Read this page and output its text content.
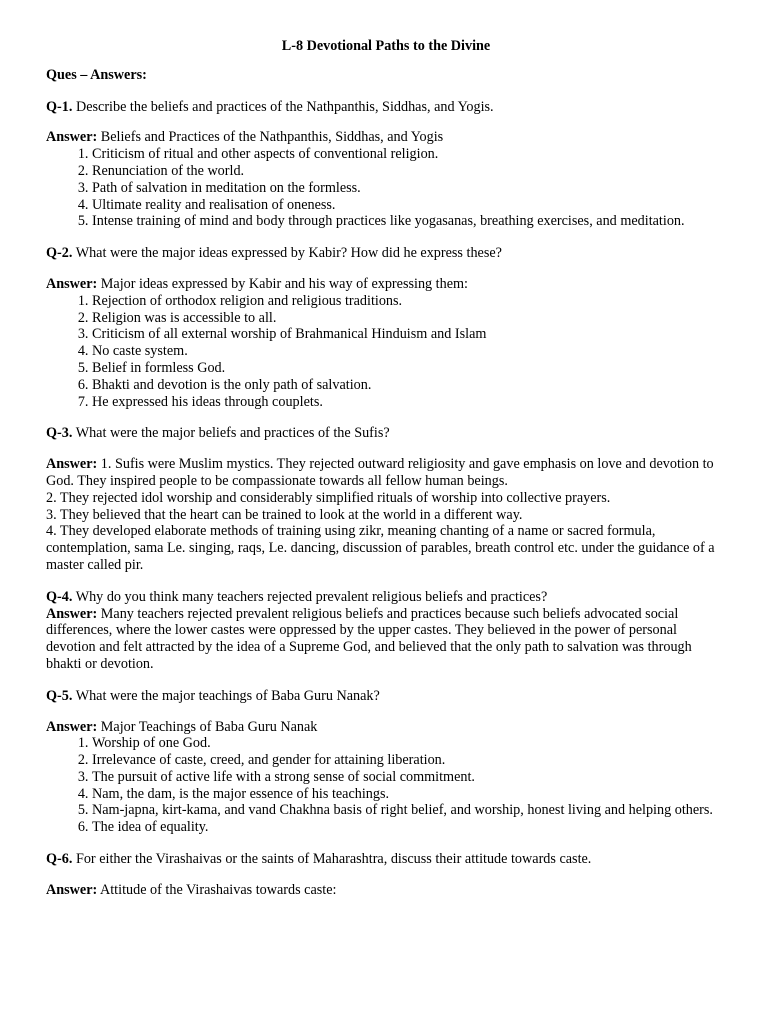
L-8 Devotional Paths to the Divine
Ques – Answers:
Q-1. Describe the beliefs and practices of the Nathpanthis, Siddhas, and Yogis.
Answer: Beliefs and Practices of the Nathpanthis, Siddhas, and Yogis
1. Criticism of ritual and other aspects of conventional religion.
2. Renunciation of the world.
3. Path of salvation in meditation on the formless.
4. Ultimate reality and realisation of oneness.
5. Intense training of mind and body through practices like yogasanas, breathing exercises, and meditation.
Q-2. What were the major ideas expressed by Kabir? How did he express these?
Answer: Major ideas expressed by Kabir and his way of expressing them:
1. Rejection of orthodox religion and religious traditions.
2. Religion was is accessible to all.
3. Criticism of all external worship of Brahmanical Hinduism and Islam
4. No caste system.
5. Belief in formless God.
6. Bhakti and devotion is the only path of salvation.
7. He expressed his ideas through couplets.
Q-3. What were the major beliefs and practices of the Sufis?
Answer: 1. Sufis were Muslim mystics. They rejected outward religiosity and gave emphasis on love and devotion to God. They inspired people to be compassionate towards all fellow human beings.
2. They rejected idol worship and considerably simplified rituals of worship into collective prayers.
3. They believed that the heart can be trained to look at the world in a different way.
4. They developed elaborate methods of training using zikr, meaning chanting of a name or sacred formula, contemplation, sama Le. singing, raqs, Le. dancing, discussion of parables, breath control etc. under the guidance of a master called pir.
Q-4. Why do you think many teachers rejected prevalent religious beliefs and practices?
Answer: Many teachers rejected prevalent religious beliefs and practices because such beliefs advocated social differences, where the lower castes were oppressed by the upper castes. They believed in the power of personal devotion and felt attracted by the idea of a Supreme God, and believed that the only path to salvation was through bhakti or devotion.
Q-5. What were the major teachings of Baba Guru Nanak?
Answer: Major Teachings of Baba Guru Nanak
1. Worship of one God.
2. Irrelevance of caste, creed, and gender for attaining liberation.
3. The pursuit of active life with a strong sense of social commitment.
4. Nam, the dam, is the major essence of his teachings.
5. Nam-japna, kirt-kama, and vand Chakhna basis of right belief, and worship, honest living and helping others.
6. The idea of equality.
Q-6. For either the Virashaivas or the saints of Maharashtra, discuss their attitude towards caste.
Answer: Attitude of the Virashaivas towards caste:
